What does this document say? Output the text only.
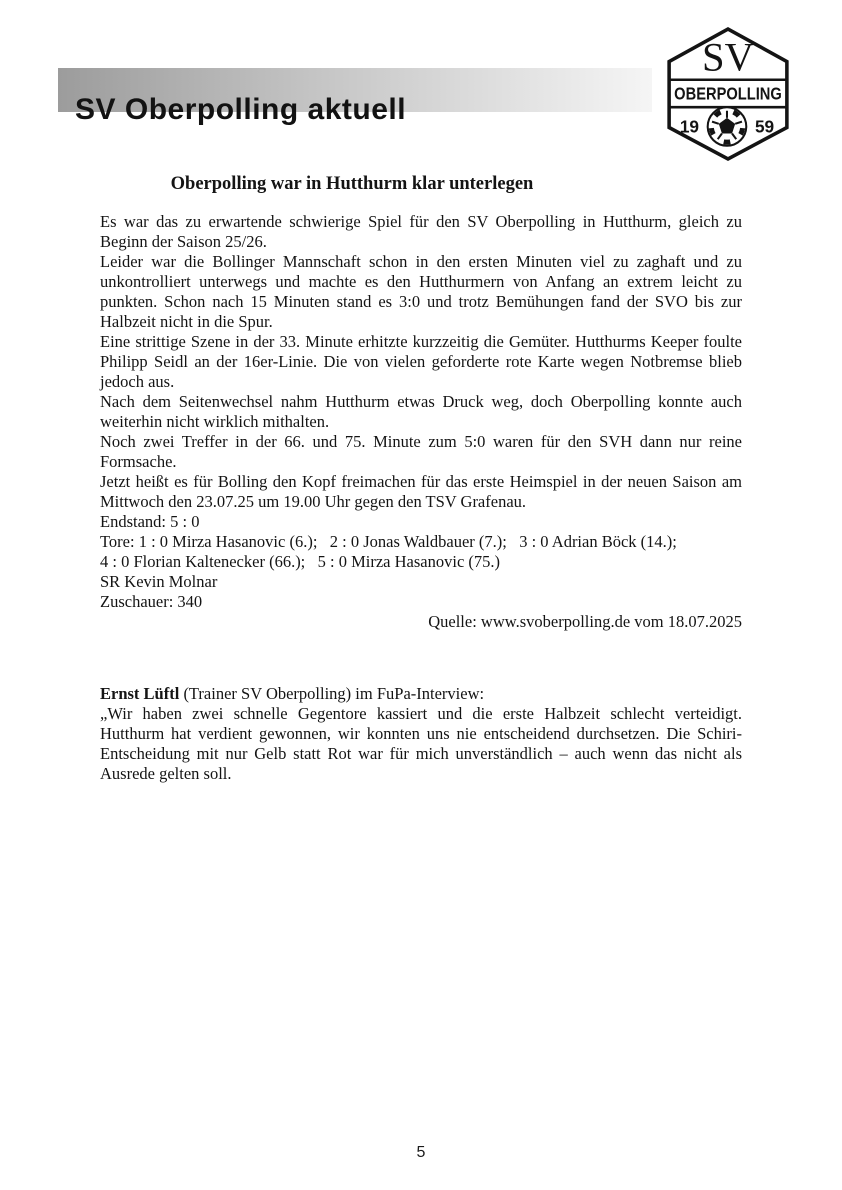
SV Oberpolling aktuell
SV
OBERPOLLING
19	59
Oberpolling war in Hutthurm klar unterlegen
Es war das zu erwartende schwierige Spiel für den SV Oberpolling in Hutthurm, gleich zu
Beginn der Saison 25/26.
Leider war die Bollinger Mannschaft schon in den ersten Minuten viel zu zaghaft und zu
unkontrolliert unterwegs und machte es den Hutthurmern von Anfang an extrem leicht zu
punkten. Schon nach 15 Minuten stand es 3:0 und trotz Bemühungen fand der SVO bis zur
Halbzeit nicht in die Spur.
Eine strittige Szene in der 33. Minute erhitzte kurzzeitig die Gemüter. Hutthurms Keeper foulte
Philipp Seidl an der 16er-Linie. Die von vielen geforderte rote Karte wegen Notbremse blieb
jedoch aus.
Nach dem Seitenwechsel nahm Hutthurm etwas Druck weg, doch Oberpolling konnte auch
weiterhin nicht wirklich mithalten.
Noch zwei Treffer in der 66. und 75. Minute zum 5:0 waren für den SVH dann nur reine
Formsache.
Jetzt heißt es für Bolling den Kopf freimachen für das erste Heimspiel in der neuen Saison am
Mittwoch den 23.07.25 um 19.00 Uhr gegen den TSV Grafenau.
Endstand: 5 : 0
Tore: 1 : 0 Mirza Hasanovic (6.);   2 : 0 Jonas Waldbauer (7.);   3 : 0 Adrian Böck (14.);
4 : 0 Florian Kaltenecker (66.);   5 : 0 Mirza Hasanovic (75.)
SR Kevin Molnar
Zuschauer: 340
Quelle: www.svoberpolling.de vom 18.07.2025
Ernst Lüftl (Trainer SV Oberpolling) im FuPa-Interview:
„Wir haben zwei schnelle Gegentore kassiert und die erste Halbzeit schlecht verteidigt.
Hutthurm hat verdient gewonnen, wir konnten uns nie entscheidend durchsetzen. Die Schiri-
Entscheidung mit nur Gelb statt Rot war für mich unverständlich – auch wenn das nicht als
Ausrede gelten soll.
5
